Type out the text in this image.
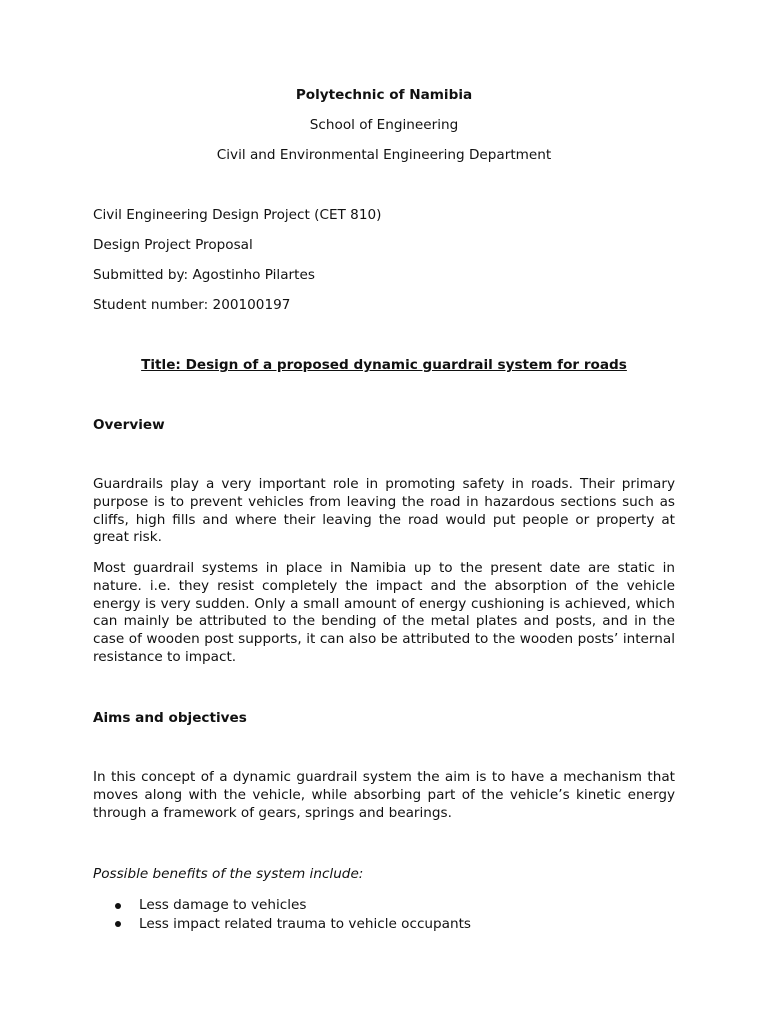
Polytechnic of Namibia
School of Engineering
Civil and Environmental Engineering Department
Civil Engineering Design Project (CET 810)
Design Project Proposal
Submitted by: Agostinho Pilartes
Student number: 200100197
Title: Design of a proposed dynamic guardrail system for roads
Overview
Guardrails play a very important role in promoting safety in roads. Their primary purpose is to prevent vehicles from leaving the road in hazardous sections such as cliffs, high fills and where their leaving the road would put people or property at great risk.
Most guardrail systems in place in Namibia up to the present date are static in nature. i.e. they resist completely the impact and the absorption of the vehicle energy is very sudden. Only a small amount of energy cushioning is achieved, which can mainly be attributed to the bending of the metal plates and posts, and in the case of wooden post supports, it can also be attributed to the wooden posts’ internal resistance to impact.
Aims and objectives
In this concept of a dynamic guardrail system the aim is to have a mechanism that moves along with the vehicle, while absorbing part of the vehicle’s kinetic energy through a framework of gears, springs and bearings.
Possible benefits of the system include:
Less damage to vehicles
Less impact related trauma to vehicle occupants
